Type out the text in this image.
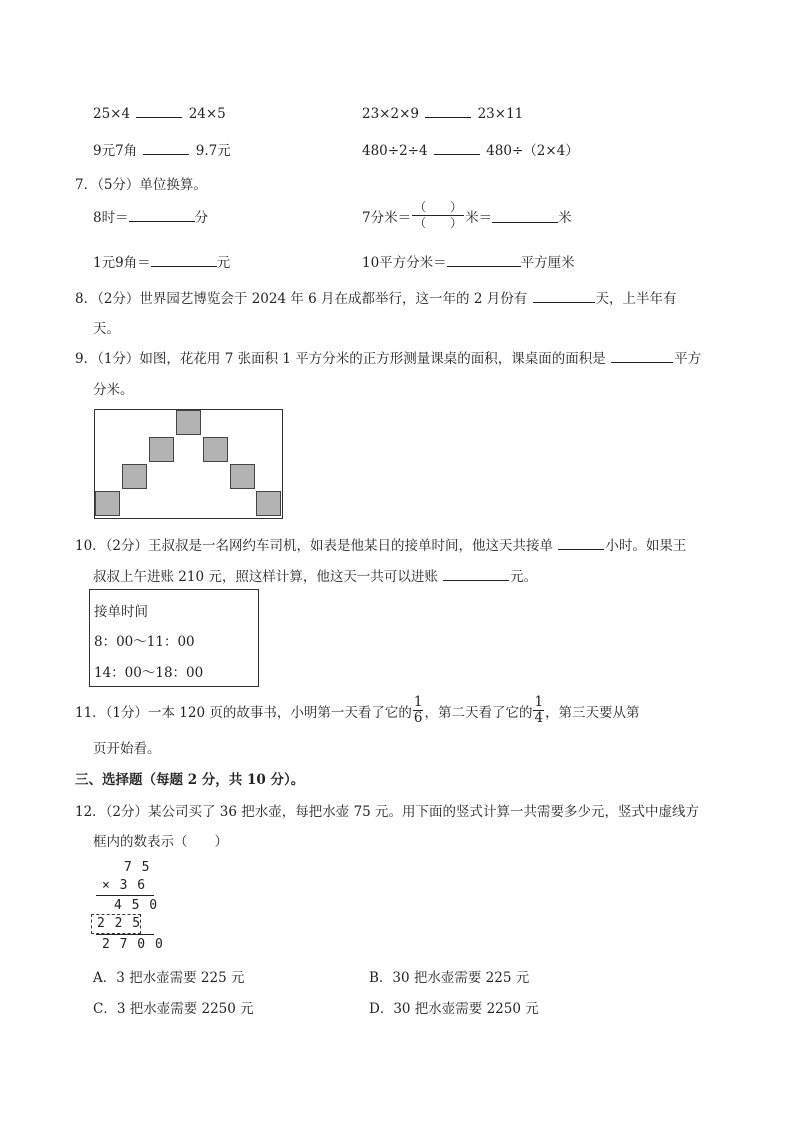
25×4	24×5	23×2×9	23×11
9元7角	9.7元	480÷2÷4	480÷（2×4）
7．（5分）单位换算。
8时＝	分	7分米＝ $\frac{( )}{( )}$ 米＝	米
1元9角＝	元	10平方分米＝	平方厘米
8．（2分）世界园艺博览会于 2024 年 6 月在成都举行，这一年的 2 月份有	天，上半年有
天。
9．（1分）如图，花花用 7 张面积 1 平方分米的正方形测量课桌的面积，课桌面的面积是	平方
分米。
10．（2分）王叔叔是一名网约车司机，如表是他某日的接单时间，他这天共接单	小时。如果王
叔叔上午进账 210 元，照这样计算，他这天一共可以进账	元。
接单时间
8：00～11：00
14：00～18：00
11．（1分）一本 120 页的故事书，小明第一天看了它的 $\frac{1}{6}$ ，第二天看了它的 $\frac{1}{4}$ ，第三天要从第
页开始看。
三、选择题（每题 2 分，共 10 分）。
12．（2分）某公司买了 36 把水壶，每把水壶 75 元。用下面的竖式计算一共需要多少元，竖式中虚线方
框内的数表示（　　）
7 5
× 3 6
4 5 0
2 2 5
2 7 0 0
A．3 把水壶需要 225 元	B．30 把水壶需要 225 元
C．3 把水壶需要 2250 元	D．30 把水壶需要 2250 元
